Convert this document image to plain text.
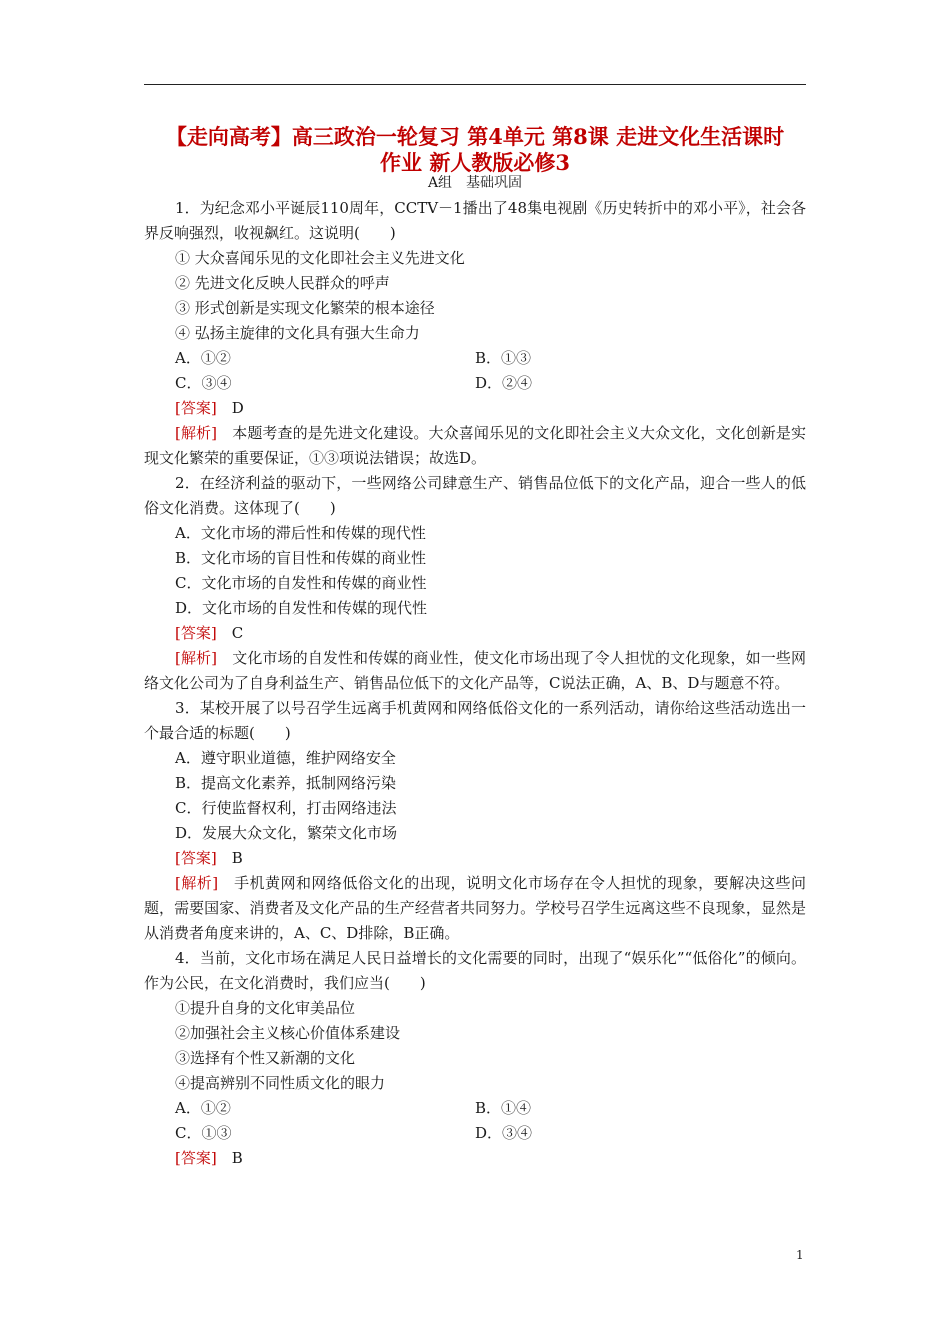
【走向高考】高三政治一轮复习 第4单元 第8课 走进文化生活课时
作业 新人教版必修3
A组　基础巩固

1．为纪念邓小平诞辰110周年，CCTV－1播出了48集电视剧《历史转折中的邓小平》，社会各界反响强烈，收视飙红。这说明(　　)

① 大众喜闻乐见的文化即社会主义先进文化

② 先进文化反映人民群众的呼声

③ 形式创新是实现文化繁荣的根本途径

④ 弘扬主旋律的文化具有强大生命力

A．①②	B．①③
C．③④	D．②④

[答案]　 D

[解析]　 本题考查的是先进文化建设。大众喜闻乐见的文化即社会主义大众文化，文化创新是实现文化繁荣的重要保证，①③项说法错误；故选D。

2．在经济利益的驱动下，一些网络公司肆意生产、销售品位低下的文化产品，迎合一些人的低俗文化消费。这体现了(　　)

A．文化市场的滞后性和传媒的现代性

B．文化市场的盲目性和传媒的商业性

C．文化市场的自发性和传媒的商业性

D．文化市场的自发性和传媒的现代性

[答案]　 C

[解析]　 文化市场的自发性和传媒的商业性，使文化市场出现了令人担忧的文化现象，如一些网络文化公司为了自身利益生产、销售品位低下的文化产品等，C说法正确，A、B、D与题意不符。

3．某校开展了以号召学生远离手机黄网和网络低俗文化的一系列活动，请你给这些活动选出一个最合适的标题(　　)

A．遵守职业道德，维护网络安全

B．提高文化素养，抵制网络污染

C．行使监督权利，打击网络违法

D．发展大众文化，繁荣文化市场

[答案]　 B

[解析]　 手机黄网和网络低俗文化的出现，说明文化市场存在令人担忧的现象，要解决这些问题，需要国家、消费者及文化产品的生产经营者共同努力。学校号召学生远离这些不良现象，显然是从消费者角度来讲的，A、C、D排除，B正确。

4．当前，文化市场在满足人民日益增长的文化需要的同时，出现了“娱乐化”“低俗化”的倾向。作为公民，在文化消费时，我们应当(　　)

①提升自身的文化审美品位

②加强社会主义核心价值体系建设

③选择有个性又新潮的文化

④提高辨别不同性质文化的眼力

A．①②	B．①④
C．①③	D．③④

[答案]　 B

1
